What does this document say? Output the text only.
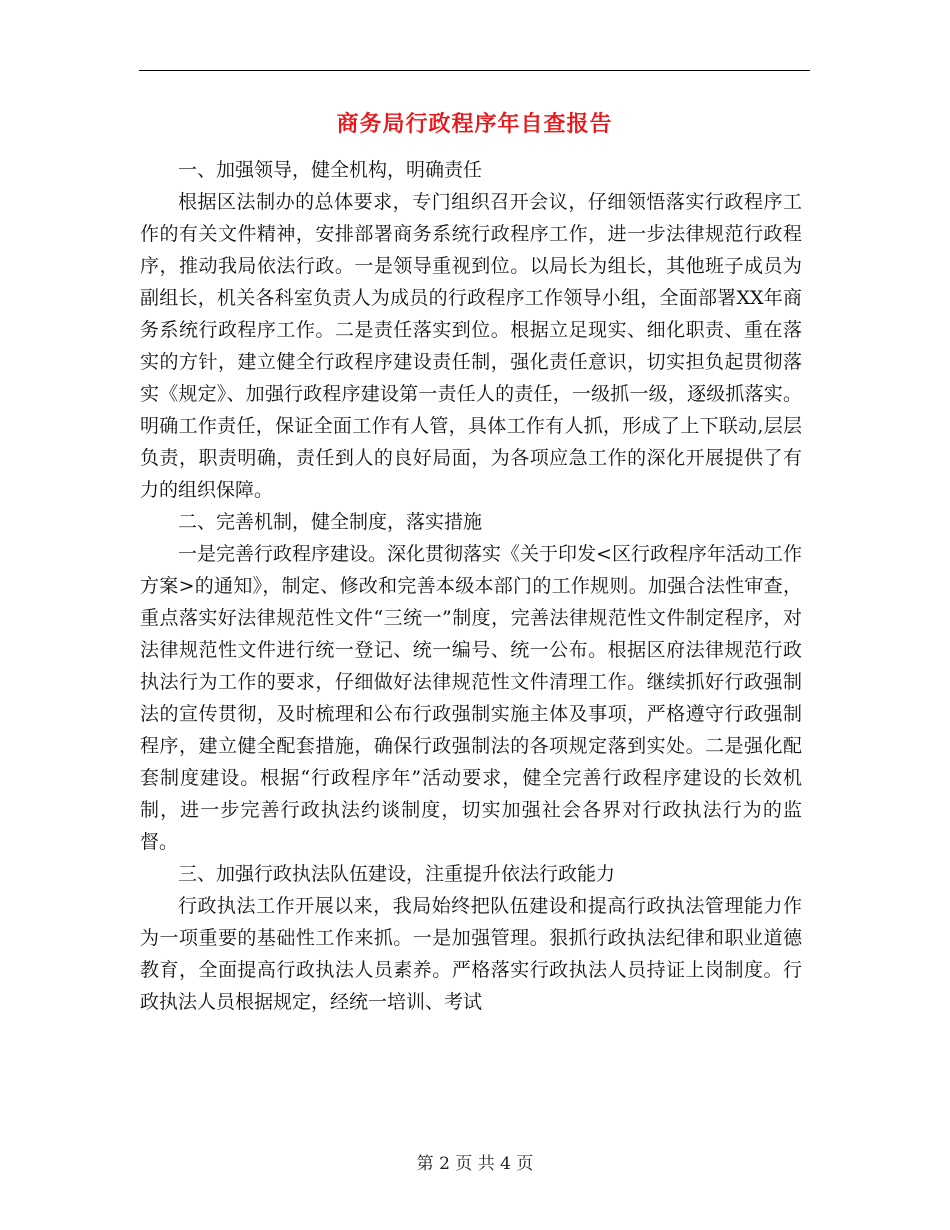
商务局行政程序年自查报告

一、加强领导，健全机构，明确责任

根据区法制办的总体要求，专门组织召开会议，仔细领悟落实行政程序工作的有关文件精神，安排部署商务系统行政程序工作，进一步法律规范行政程序，推动我局依法行政。一是领导重视到位。以局长为组长，其他班子成员为副组长，机关各科室负责人为成员的行政程序工作领导小组，全面部署XX年商务系统行政程序工作。二是责任落实到位。根据立足现实、细化职责、重在落实的方针，建立健全行政程序建设责任制，强化责任意识，切实担负起贯彻落实《规定》、加强行政程序建设第一责任人的责任，一级抓一级，逐级抓落实。明确工作责任，保证全面工作有人管，具体工作有人抓，形成了上下联动,层层负责，职责明确，责任到人的良好局面，为各项应急工作的深化开展提供了有力的组织保障。

二、完善机制，健全制度，落实措施

一是完善行政程序建设。深化贯彻落实《关于印发<区行政程序年活动工作方案>的通知》，制定、修改和完善本级本部门的工作规则。加强合法性审查，重点落实好法律规范性文件“三统一”制度，完善法律规范性文件制定程序，对法律规范性文件进行统一登记、统一编号、统一公布。根据区府法律规范行政执法行为工作的要求，仔细做好法律规范性文件清理工作。继续抓好行政强制法的宣传贯彻，及时梳理和公布行政强制实施主体及事项，严格遵守行政强制程序，建立健全配套措施，确保行政强制法的各项规定落到实处。二是强化配套制度建设。根据“行政程序年”活动要求，健全完善行政程序建设的长效机制，进一步完善行政执法约谈制度，切实加强社会各界对行政执法行为的监督。

三、加强行政执法队伍建设，注重提升依法行政能力

行政执法工作开展以来，我局始终把队伍建设和提高行政执法管理能力作为一项重要的基础性工作来抓。一是加强管理。狠抓行政执法纪律和职业道德教育，全面提高行政执法人员素养。严格落实行政执法人员持证上岗制度。行政执法人员根据规定，经统一培训、考试

第 2 页 共 4 页
